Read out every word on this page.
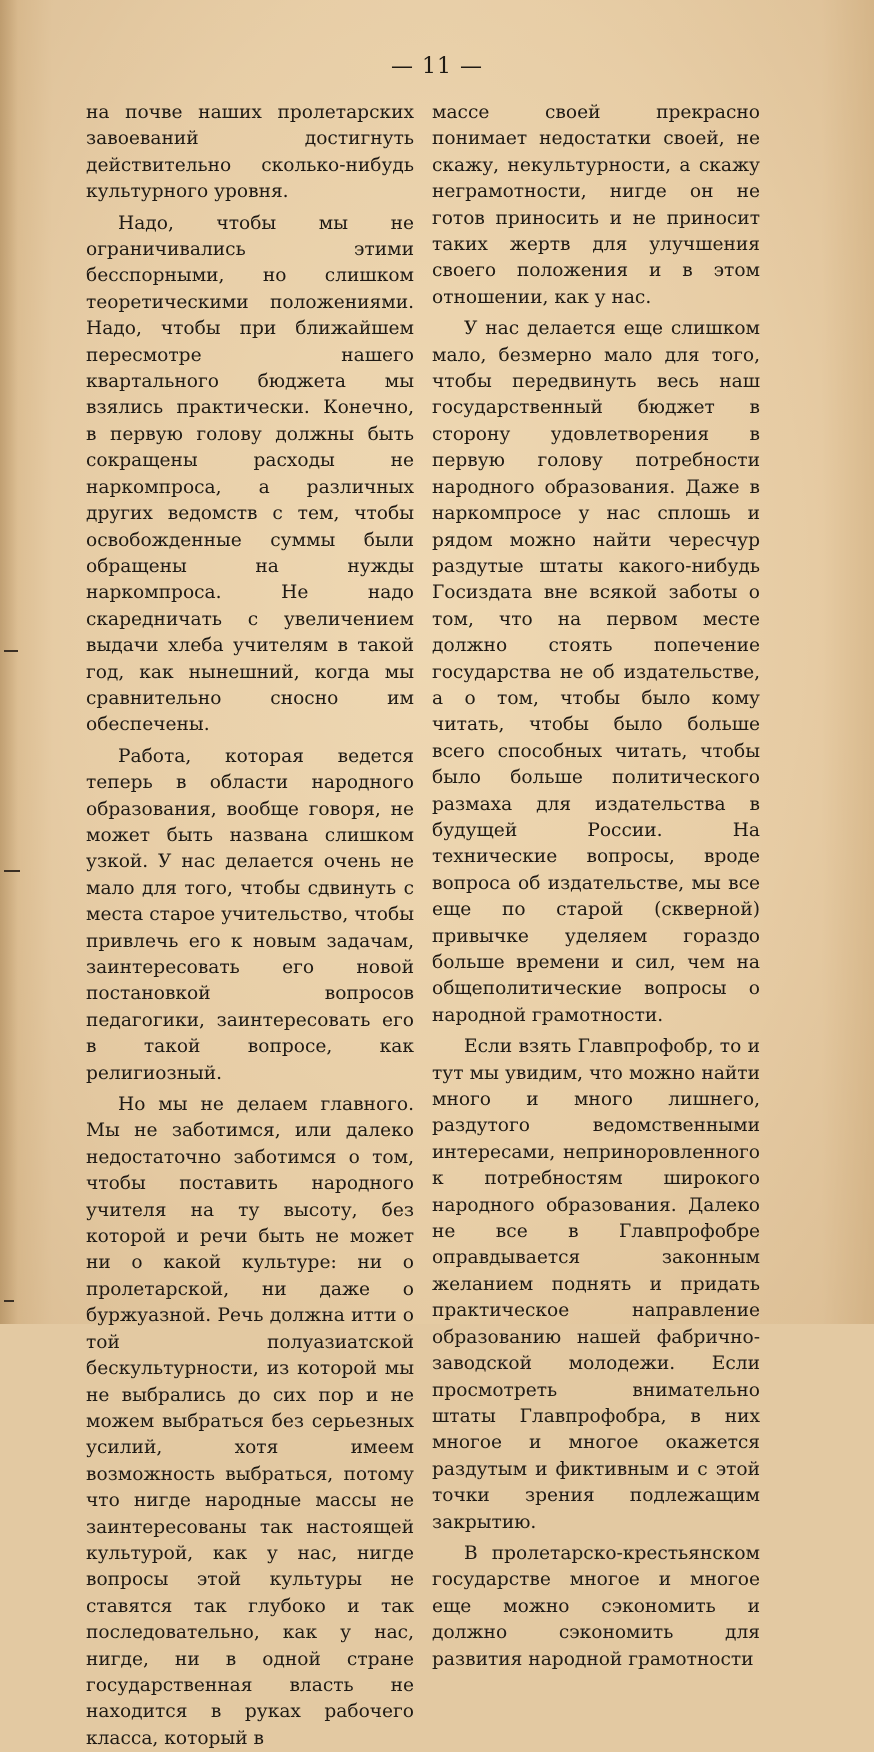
— 11 —

на почве наших пролетарских завоеваний достигнуть действительно сколько-нибудь культурного уровня.

Надо, чтобы мы не ограничивались этими бесспорными, но слишком теоретическими положениями. Надо, чтобы при ближайшем пересмотре нашего квартального бюджета мы взялись практически. Конечно, в первую голову должны быть сокращены расходы не наркомпроса, а различных других ведомств с тем, чтобы освобожденные суммы были обращены на нужды наркомпроса. Не надо скаредничать с увеличением выдачи хлеба учителям в такой год, как нынешний, когда мы сравнительно сносно им обеспечены.

Работа, которая ведется теперь в области народного образования, вообще говоря, не может быть названа слишком узкой. У нас делается очень не мало для того, чтобы сдвинуть с места старое учительство, чтобы привлечь его к новым задачам, заинтересовать его новой постановкой вопросов педагогики, заинтересовать его в такой вопросе, как религиозный.

Но мы не делаем главного. Мы не заботимся, или далеко недостаточно заботимся о том, чтобы поставить народного учителя на ту высоту, без которой и речи быть не может ни о какой культуре: ни о пролетарской, ни даже о буржуазной. Речь должна итти о той полуазиатской бескультурности, из которой мы не выбрались до сих пор и не можем выбраться без серьезных усилий, хотя имеем возможность выбраться, потому что нигде народные массы не заинтересованы так настоящей культурой, как у нас, нигде вопросы этой культуры не ставятся так глубоко и так последовательно, как у нас, нигде, ни в одной стране государственная власть не находится в руках рабочего класса, который в

массе своей прекрасно понимает недостатки своей, не скажу, некультурности, а скажу неграмотности, нигде он не готов приносить и не приносит таких жертв для улучшения своего положения и в этом отношении, как у нас.

У нас делается еще слишком мало, безмерно мало для того, чтобы передвинуть весь наш государственный бюджет в сторону удовлетворения в первую голову потребности народного образования. Даже в наркомпросе у нас сплошь и рядом можно найти чересчур раздутые штаты какого-нибудь Госиздата вне всякой заботы о том, что на первом месте должно стоять попечение государства не об издательстве, а о том, чтобы было кому читать, чтобы было больше всего способных читать, чтобы было больше политического размаха для издательства в будущей России. На технические вопросы, вроде вопроса об издательстве, мы все еще по старой (скверной) привычке уделяем гораздо больше времени и сил, чем на общеполитические вопросы о народной грамотности.

Если взять Главпрофобр, то и тут мы увидим, что можно найти много и много лишнего, раздутого ведомственными интересами, неприноровленного к потребностям широкого народного образования. Далеко не все в Главпрофобре оправдывается законным желанием поднять и придать практическое направление образованию нашей фабрично-заводской молодежи. Если просмотреть внимательно штаты Главпрофобра, в них многое и многое окажется раздутым и фиктивным и с этой точки зрения подлежащим закрытию.

В пролетарско-крестьянском государстве многое и многое еще можно сэкономить и должно сэкономить для развития народной грамотности
